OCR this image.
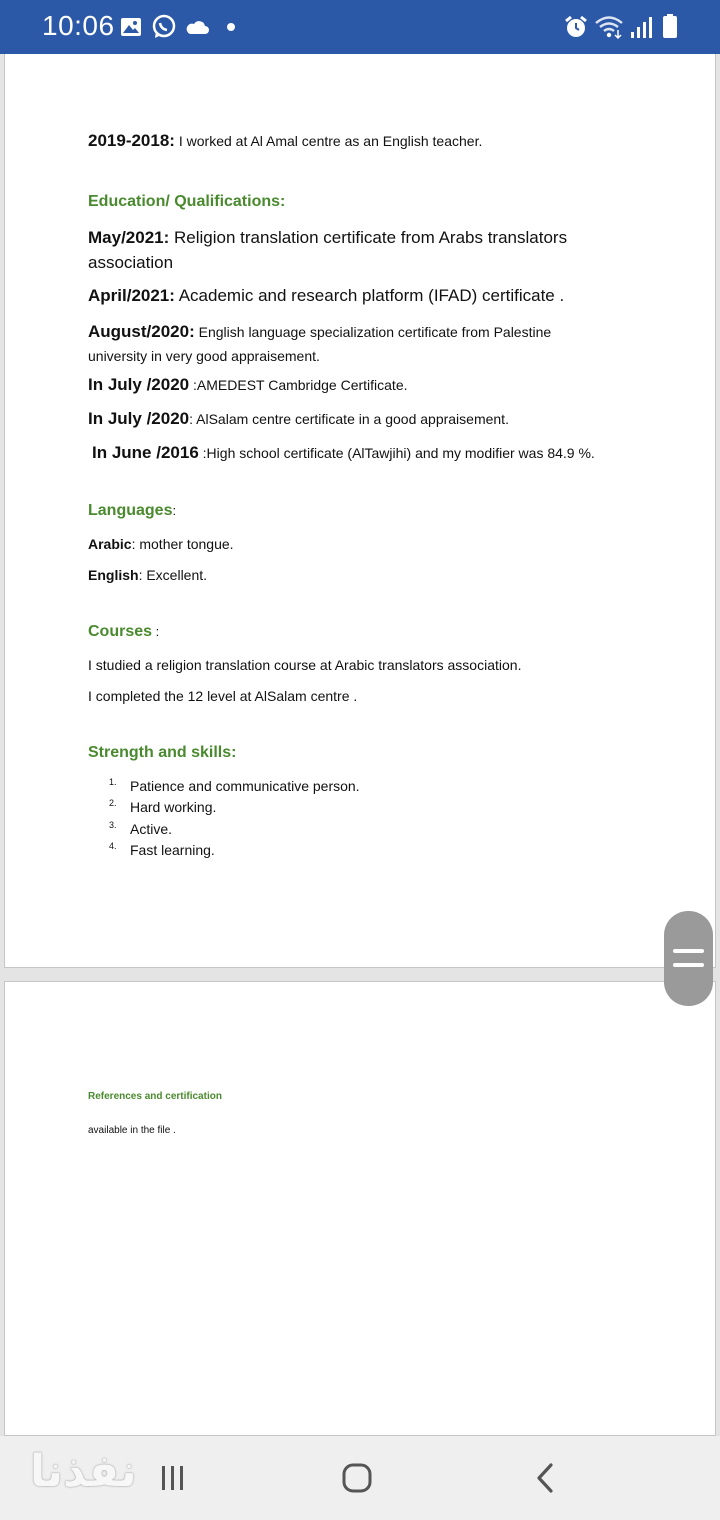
10:06
2019-2018: I worked at Al Amal centre as an English teacher.
Education/ Qualifications:
May/2021: Religion translation certificate from Arabs translators association
April/2021: Academic and research platform (IFAD) certificate .
August/2020: English language specialization certificate from Palestine university in very good appraisement.
In July /2020 :AMEDEST Cambridge Certificate.
In July /2020: AlSalam centre certificate in a good appraisement.
In June /2016 :High school certificate (AlTawjihi) and my modifier was 84.9 %.
Languages:
Arabic: mother tongue.
English: Excellent.
Courses :
I studied a religion translation course at Arabic translators association.
I completed the 12 level at AlSalam centre .
Strength and skills:
1. Patience and communicative person.
2. Hard working.
3. Active.
4. Fast learning.
References and certification
available in the file .
نفذنا
